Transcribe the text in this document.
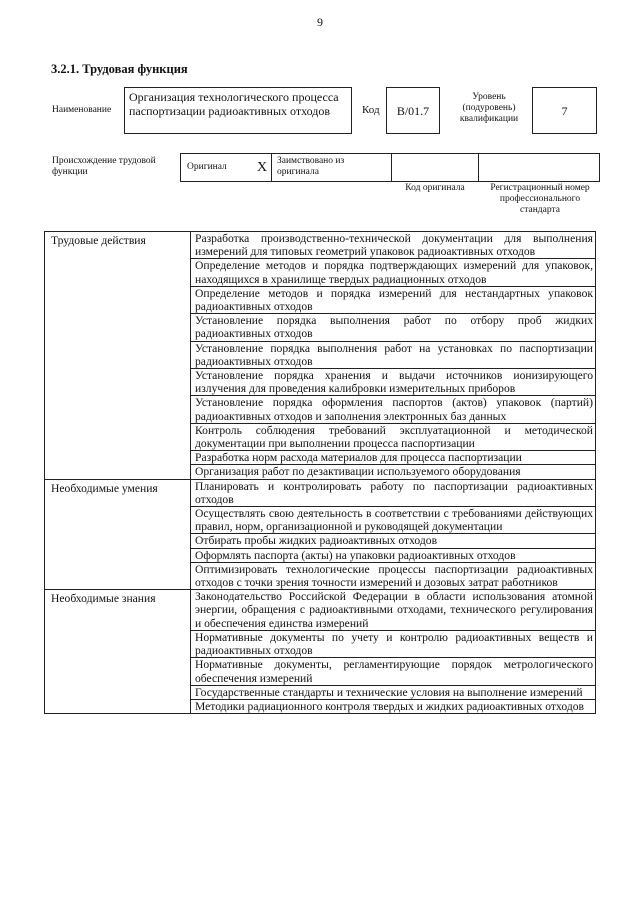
9
3.2.1. Трудовая функция
Наименование
Организация технологического процесса паспортизации радиоактивных отходов	Код	В/01.7
Уровень (подуровень) квалификации
7
Происхождение трудовой функции	Оригинал X Заимствовано из оригинала
Код оригинала	Регистрационный номер профессионального стандарта
Трудовые действия	Разработка производственно-технической документации для выполнения измерений для типовых геометрий упаковок радиоактивных отходов
	Определение методов и порядка подтверждающих измерений для упаковок, находящихся в хранилище твердых радиационных отходов
	Определение методов и порядка измерений для нестандартных упаковок радиоактивных отходов
	Установление порядка выполнения работ по отбору проб жидких радиоактивных отходов
	Установление порядка выполнения работ на установках по паспортизации радиоактивных отходов
	Установление порядка хранения и выдачи источников ионизирующего излучения для проведения калибровки измерительных приборов
	Установление порядка оформления паспортов (актов) упаковок (партий) радиоактивных отходов и заполнения электронных баз данных
	Контроль соблюдения требований эксплуатационной и методической документации при выполнении процесса паспортизации
	Разработка норм расхода материалов для процесса паспортизации
	Организация работ по дезактивации используемого оборудования
Необходимые умения	Планировать и контролировать работу по паспортизации радиоактивных отходов
	Осуществлять свою деятельность в соответствии с требованиями действующих правил, норм, организационной и руководящей документации
	Отбирать пробы жидких радиоактивных отходов
	Оформлять паспорта (акты) на упаковки радиоактивных отходов
	Оптимизировать технологические процессы паспортизации радиоактивных отходов с точки зрения точности измерений и дозовых затрат работников
Необходимые знания	Законодательство Российской Федерации в области использования атомной энергии, обращения с радиоактивными отходами, технического регулирования и обеспечения единства измерений
	Нормативные документы по учету и контролю радиоактивных веществ и радиоактивных отходов
	Нормативные документы, регламентирующие порядок метрологического обеспечения измерений
	Государственные стандарты и технические условия на выполнение измерений
	Методики радиационного контроля твердых и жидких радиоактивных отходов
